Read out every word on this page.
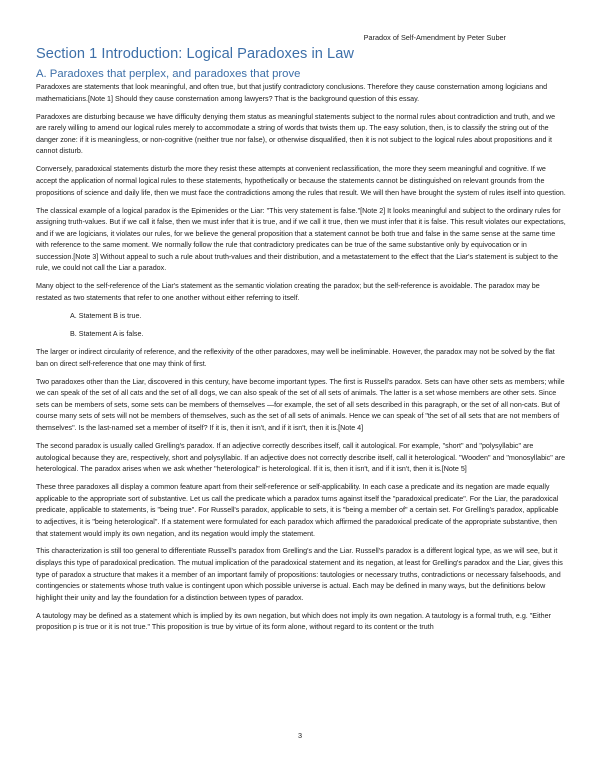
Paradox of Self-Amendment by Peter Suber
Section 1 Introduction: Logical Paradoxes in Law
A. Paradoxes that perplex, and paradoxes that prove

Paradoxes are statements that look meaningful, and often true, but that justify contradictory conclusions. Therefore they cause consternation among logicians and mathematicians.[Note 1] Should they cause consternation among lawyers? That is the background question of this essay.

Paradoxes are disturbing because we have difficulty denying them status as meaningful statements subject to the normal rules about contradiction and truth, and we are rarely willing to amend our logical rules merely to accommodate a string of words that twists them up. The easy solution, then, is to classify the string out of the danger zone: if it is meaningless, or non-cognitive (neither true nor false), or otherwise disqualified, then it is not subject to the logical rules about propositions and it cannot disturb.

Conversely, paradoxical statements disturb the more they resist these attempts at convenient reclassification, the more they seem meaningful and cognitive. If we accept the application of normal logical rules to these statements, hypothetically or because the statements cannot be distinguished on relevant grounds from the propositions of science and daily life, then we must face the contradictions among the rules that result. We will then have brought the system of rules itself into question.

The classical example of a logical paradox is the Epimenides or the Liar: "This very statement is false."[Note 2] It looks meaningful and subject to the ordinary rules for assigning truth-values. But if we call it false, then we must infer that it is true, and if we call it true, then we must infer that it is false. This result violates our expectations, and if we are logicians, it violates our rules, for we believe the general proposition that a statement cannot be both true and false in the same sense at the same time with reference to the same moment. We normally follow the rule that contradictory predicates can be true of the same substantive only by equivocation or in succession.[Note 3] Without appeal to such a rule about truth-values and their distribution, and a metastatement to the effect that the Liar's statement is subject to the rule, we could not call the Liar a paradox.

Many object to the self-reference of the Liar's statement as the semantic violation creating the paradox; but the self-reference is avoidable. The paradox may be restated as two statements that refer to one another without either referring to itself.

A. Statement B is true.

B. Statement A is false.

The larger or indirect circularity of reference, and the reflexivity of the other paradoxes, may well be ineliminable. However, the paradox may not be solved by the flat ban on direct self-reference that one may think of first.

Two paradoxes other than the Liar, discovered in this century, have become important types. The first is Russell's paradox. Sets can have other sets as members; while we can speak of the set of all cats and the set of all dogs, we can also speak of the set of all sets of animals. The latter is a set whose members are other sets. Since sets can be members of sets, some sets can be members of themselves —for example, the set of all sets described in this paragraph, or the set of all non-cats. But of course many sets of sets will not be members of themselves, such as the set of all sets of animals. Hence we can speak of "the set of all sets that are not members of themselves". Is the last-named set a member of itself? If it is, then it isn't, and if it isn't, then it is.[Note 4]

The second paradox is usually called Grelling's paradox. If an adjective correctly describes itself, call it autological. For example, "short" and "polysyllabic" are autological because they are, respectively, short and polysyllabic. If an adjective does not correctly describe itself, call it heterological. "Wooden" and "monosyllabic" are heterological. The paradox arises when we ask whether "heterological" is heterological. If it is, then it isn't, and if it isn't, then it is.[Note 5]

These three paradoxes all display a common feature apart from their self-reference or self-applicability. In each case a predicate and its negation are made equally applicable to the appropriate sort of substantive. Let us call the predicate which a paradox turns against itself the "paradoxical predicate". For the Liar, the paradoxical predicate, applicable to statements, is "being true". For Russell's paradox, applicable to sets, it is "being a member of" a certain set. For Grelling's paradox, applicable to adjectives, it is "being heterological". If a statement were formulated for each paradox which affirmed the paradoxical predicate of the appropriate substantive, then that statement would imply its own negation, and its negation would imply the statement.

This characterization is still too general to differentiate Russell's paradox from Grelling's and the Liar. Russell's paradox is a different logical type, as we will see, but it displays this type of paradoxical predication. The mutual implication of the paradoxical statement and its negation, at least for Grelling's paradox and the Liar, gives this type of paradox a structure that makes it a member of an important family of propositions: tautologies or necessary truths, contradictions or necessary falsehoods, and contingencies or statements whose truth value is contingent upon which possible universe is actual. Each may be defined in many ways, but the definitions below highlight their unity and lay the foundation for a distinction between types of paradox.

A tautology may be defined as a statement which is implied by its own negation, but which does not imply its own negation. A tautology is a formal truth, e.g. "Either proposition p is true or it is not true." This proposition is true by virtue of its form alone, without regard to its content or the truth

3
